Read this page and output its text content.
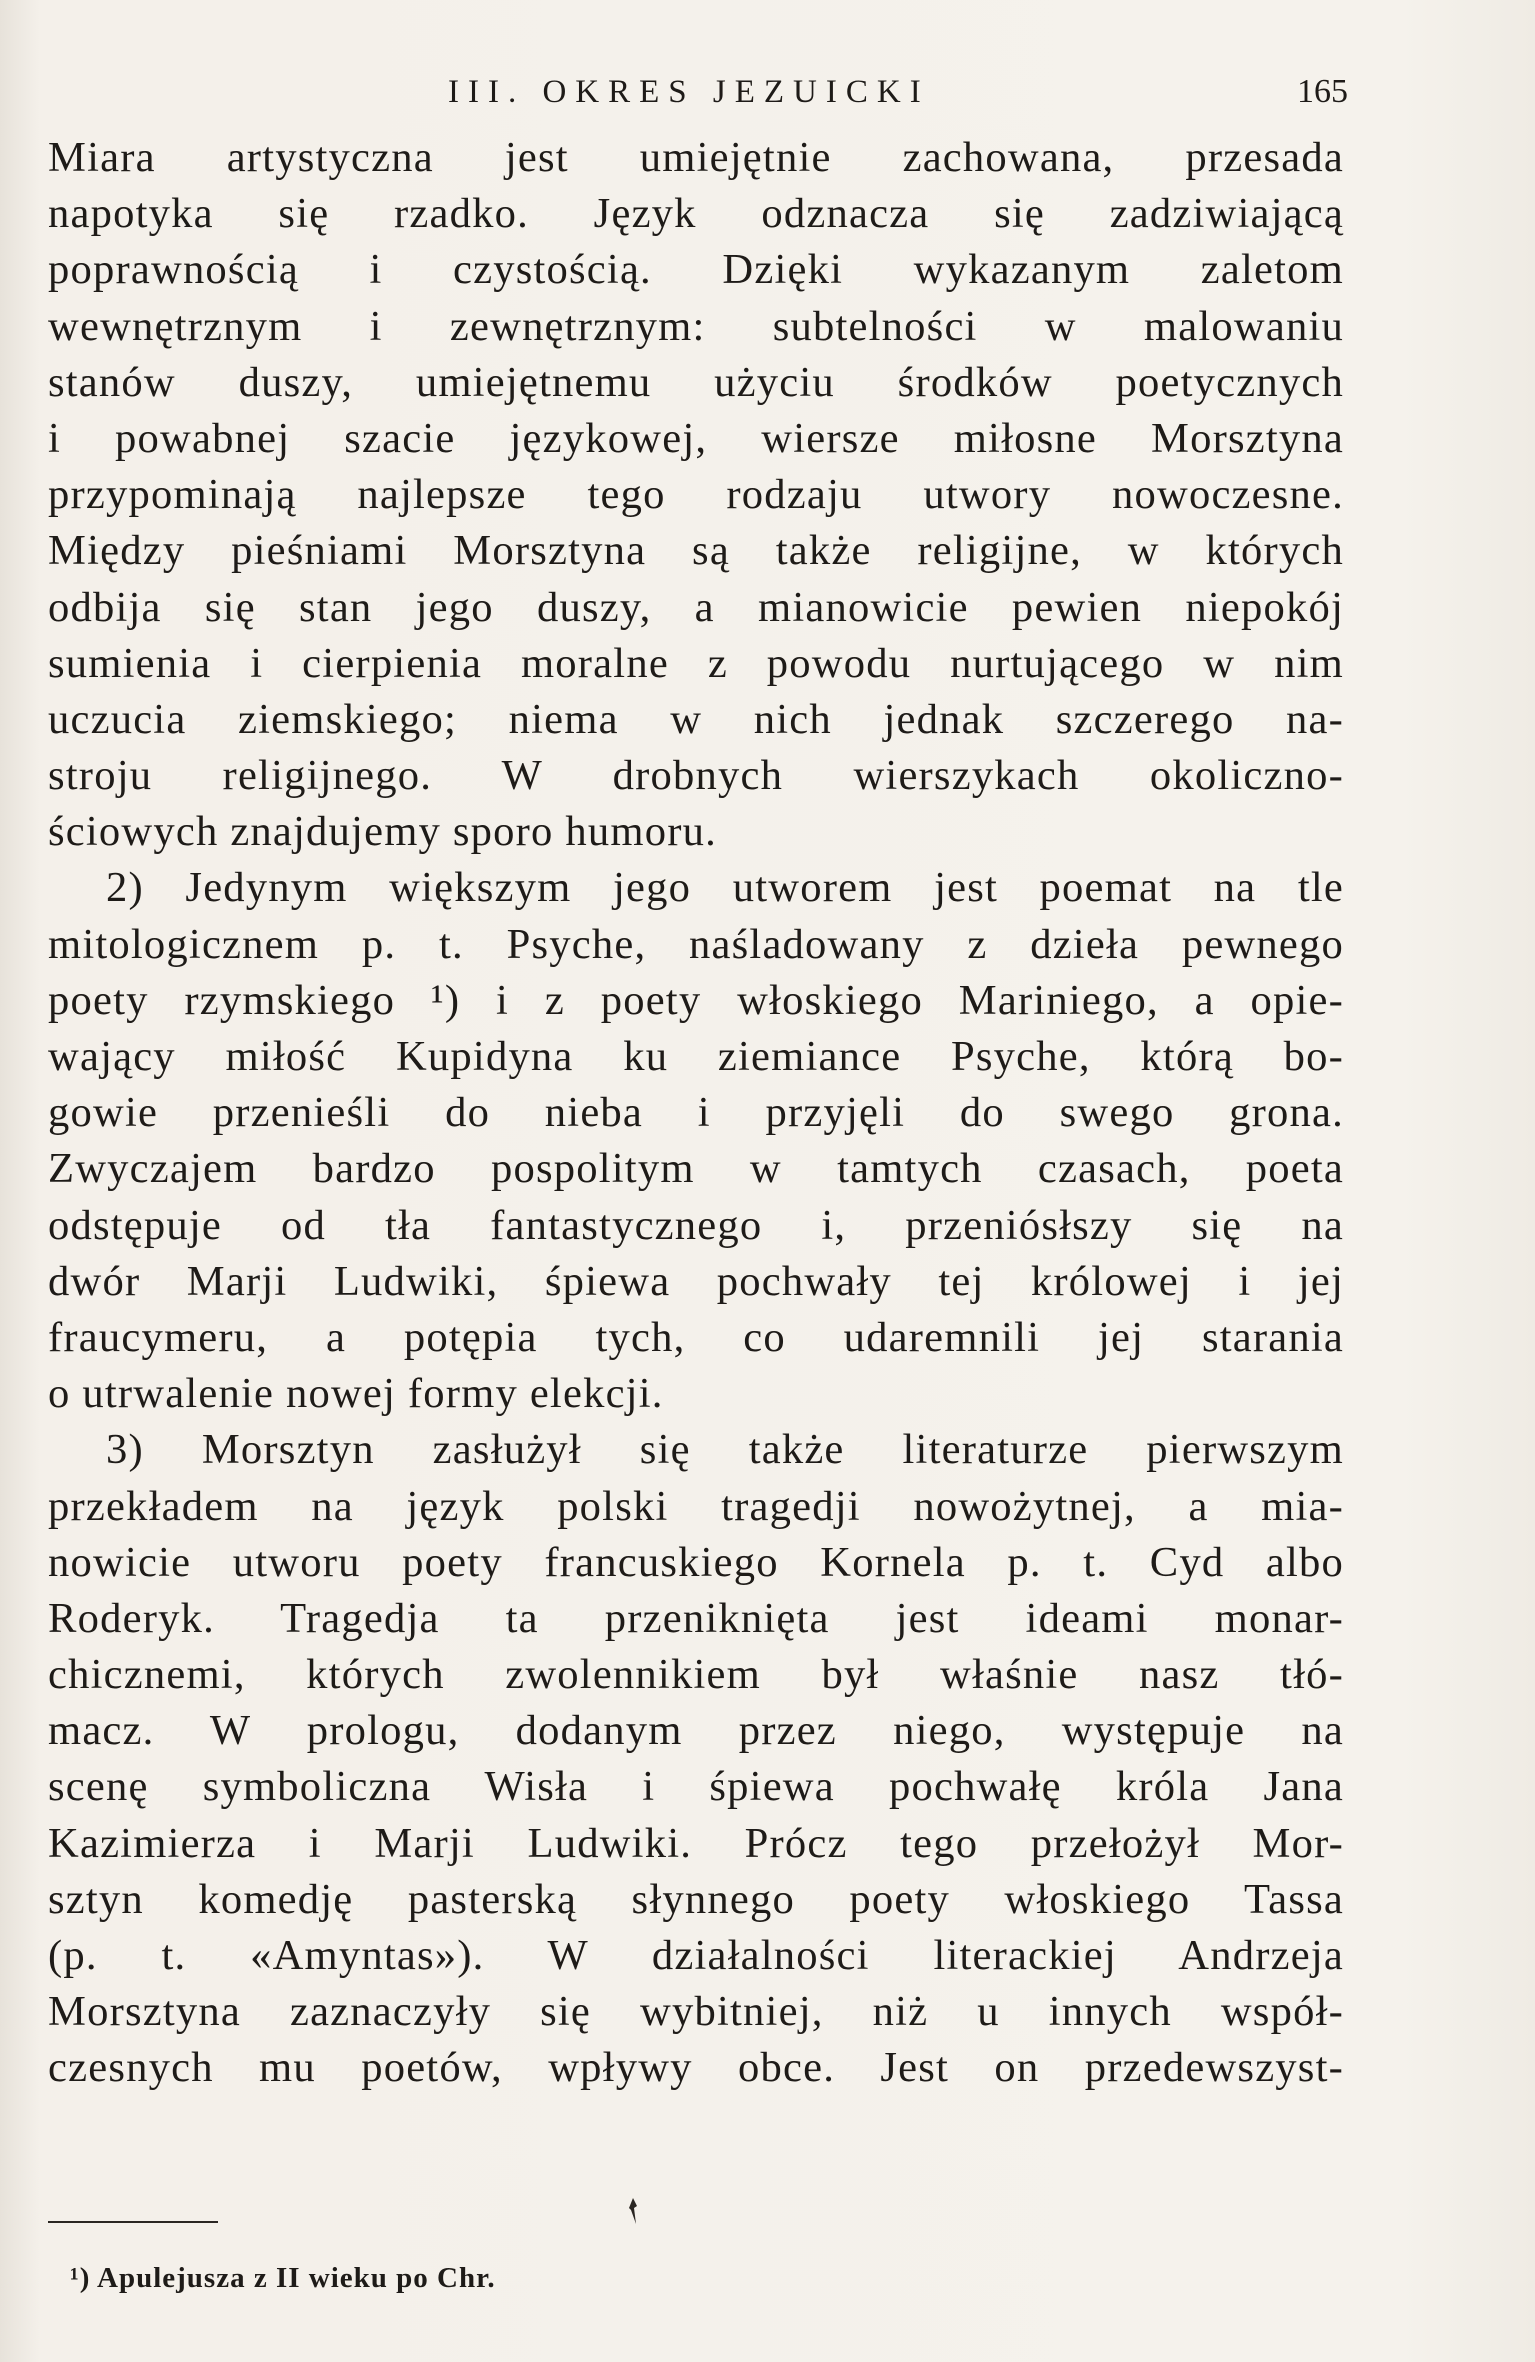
III. OKRES JEZUICKI	165
Miara artystyczna jest umiejętnie zachowana, przesada
napotyka się rzadko. Język odznacza się zadziwiającą
poprawnością i czystością. Dzięki wykazanym zaletom
wewnętrznym i zewnętrznym: subtelności w malowaniu
stanów duszy, umiejętnemu użyciu środków poetycznych
i powabnej szacie językowej, wiersze miłosne Morsztyna
przypominają najlepsze tego rodzaju utwory nowoczesne.
Między pieśniami Morsztyna są także religijne, w których
odbija się stan jego duszy, a mianowicie pewien niepokój
sumienia i cierpienia moralne z powodu nurtującego w nim
uczucia ziemskiego; niema w nich jednak szczerego na-
stroju religijnego. W drobnych wierszykach okoliczno-
ściowych znajdujemy sporo humoru.
2) Jedynym większym jego utworem jest poemat na tle
mitologicznem p. t. Psyche, naśladowany z dzieła pewnego
poety rzymskiego ¹) i z poety włoskiego Mariniego, a opie-
wający miłość Kupidyna ku ziemiance Psyche, którą bo-
gowie przenieśli do nieba i przyjęli do swego grona.
Zwyczajem bardzo pospolitym w tamtych czasach, poeta
odstępuje od tła fantastycznego i, przeniósłszy się na
dwór Marji Ludwiki, śpiewa pochwały tej królowej i jej
fraucymeru, a potępia tych, co udaremnili jej starania
o utrwalenie nowej formy elekcji.
3) Morsztyn zasłużył się także literaturze pierwszym
przekładem na język polski tragedji nowożytnej, a mia-
nowicie utworu poety francuskiego Kornela p. t. Cyd albo
Roderyk. Tragedja ta przeniknięta jest ideami monar-
chicznemi, których zwolennikiem był właśnie nasz tłó-
macz. W prologu, dodanym przez niego, występuje na
scenę symboliczna Wisła i śpiewa pochwałę króla Jana
Kazimierza i Marji Ludwiki. Prócz tego przełożył Mor-
sztyn komedję pasterską słynnego poety włoskiego Tassa
(p. t. «Amyntas»). W działalności literackiej Andrzeja
Morsztyna zaznaczyły się wybitniej, niż u innych współ-
czesnych mu poetów, wpływy obce. Jest on przedewszyst-
¹) Apulejusza z II wieku po Chr.
